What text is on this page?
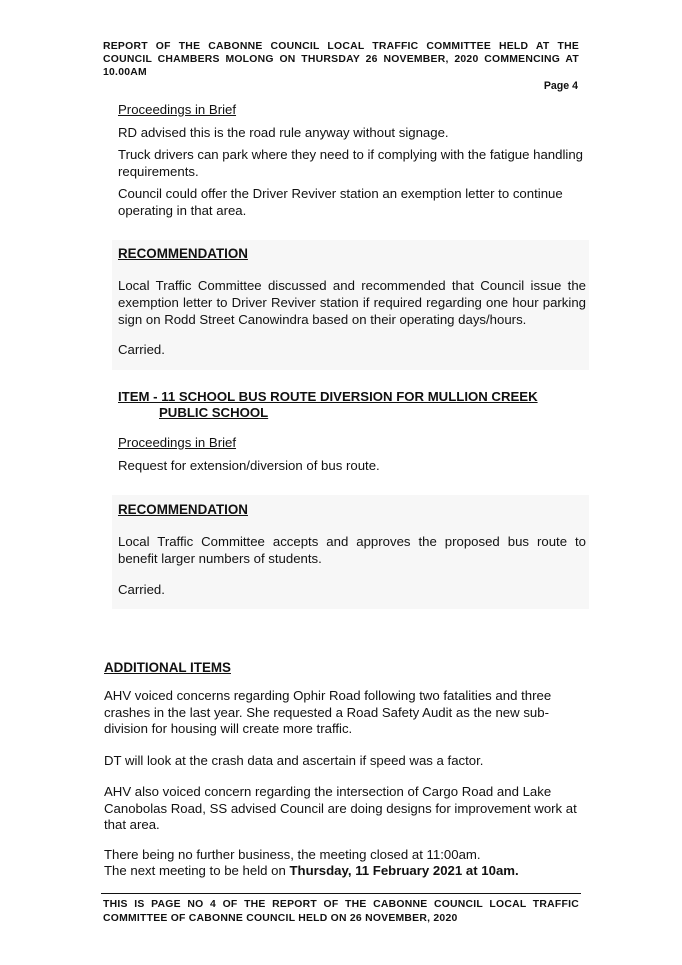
REPORT OF THE CABONNE COUNCIL LOCAL TRAFFIC COMMITTEE HELD AT THE COUNCIL CHAMBERS MOLONG ON THURSDAY 26 NOVEMBER, 2020 COMMENCING AT 10.00AM
Page 4

Proceedings in Brief

RD advised this is the road rule anyway without signage.

Truck drivers can park where they need to if complying with the fatigue handling requirements.

Council could offer the Driver Reviver station an exemption letter to continue operating in that area.

RECOMMENDATION

Local Traffic Committee discussed and recommended that Council issue the exemption letter to Driver Reviver station if required regarding one hour parking sign on Rodd Street Canowindra based on their operating days/hours.

Carried.

ITEM - 11 SCHOOL BUS ROUTE DIVERSION FOR MULLION CREEK
PUBLIC SCHOOL

Proceedings in Brief

Request for extension/diversion of bus route.

RECOMMENDATION

Local Traffic Committee accepts and approves the proposed bus route to benefit larger numbers of students.

Carried.

ADDITIONAL ITEMS

AHV voiced concerns regarding Ophir Road following two fatalities and three crashes in the last year. She requested a Road Safety Audit as the new sub-division for housing will create more traffic.

DT will look at the crash data and ascertain if speed was a factor.

AHV also voiced concern regarding the intersection of Cargo Road and Lake Canobolas Road, SS advised Council are doing designs for improvement work at that area.

There being no further business, the meeting closed at 11:00am.

The next meeting to be held on Thursday, 11 February 2021 at 10am.

THIS IS PAGE NO 4 OF THE REPORT OF THE CABONNE COUNCIL LOCAL TRAFFIC COMMITTEE OF CABONNE COUNCIL HELD ON 26 NOVEMBER, 2020
